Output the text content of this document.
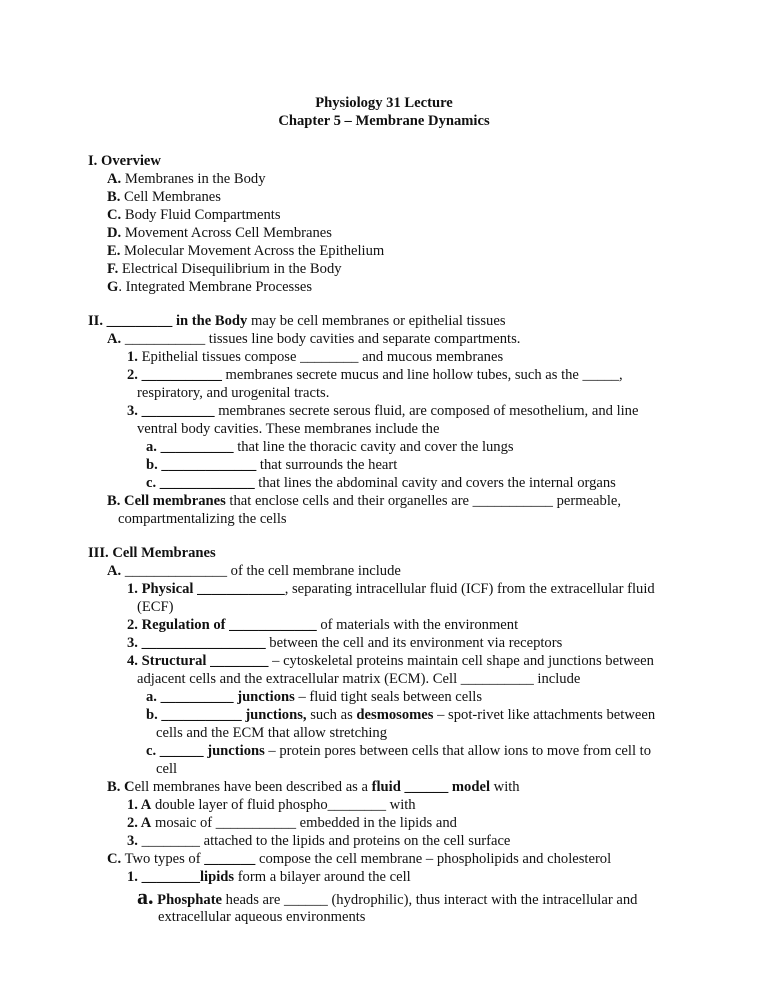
Physiology 31 Lecture
Chapter 5 – Membrane Dynamics
I. Overview
A. Membranes in the Body
B. Cell Membranes
C. Body Fluid Compartments
D. Movement Across Cell Membranes
E. Molecular Movement Across the Epithelium
F. Electrical Disequilibrium in the Body
G. Integrated Membrane Processes
II. _________ in the Body may be cell membranes or epithelial tissues
A. ___________ tissues line body cavities and separate compartments.
1. Epithelial tissues compose ________ and mucous membranes
2. ___________ membranes secrete mucus and line hollow tubes, such as the _____,
respiratory, and urogenital tracts.
3. __________ membranes secrete serous fluid, are composed of mesothelium, and line
ventral body cavities. These membranes include the
a. __________ that line the thoracic cavity and cover the lungs
b. _____________ that surrounds the heart
c. _____________ that lines the abdominal cavity and covers the internal organs
B. Cell membranes that enclose cells and their organelles are ___________ permeable,
compartmentalizing the cells
III. Cell Membranes
A. ______________ of the cell membrane include
1. Physical ____________, separating intracellular fluid (ICF) from the extracellular fluid
(ECF)
2. Regulation of ____________ of materials with the environment
3. _________________ between the cell and its environment via receptors
4. Structural ________ – cytoskeletal proteins maintain cell shape and junctions between
adjacent cells and the extracellular matrix (ECM). Cell __________ include
a. __________ junctions – fluid tight seals between cells
b. ___________ junctions, such as desmosomes – spot-rivet like attachments between
cells and the ECM that allow stretching
c. ______ junctions – protein pores between cells that allow ions to move from cell to
cell
B. Cell membranes have been described as a fluid ______ model with
1. A double layer of fluid phospho________ with
2. A mosaic of ___________ embedded in the lipids and
3. ________ attached to the lipids and proteins on the cell surface
C. Two types of _______ compose the cell membrane – phospholipids and cholesterol
1. ________lipids form a bilayer around the cell
a. Phosphate heads are ______ (hydrophilic), thus interact with the intracellular and
extracellular aqueous environments
